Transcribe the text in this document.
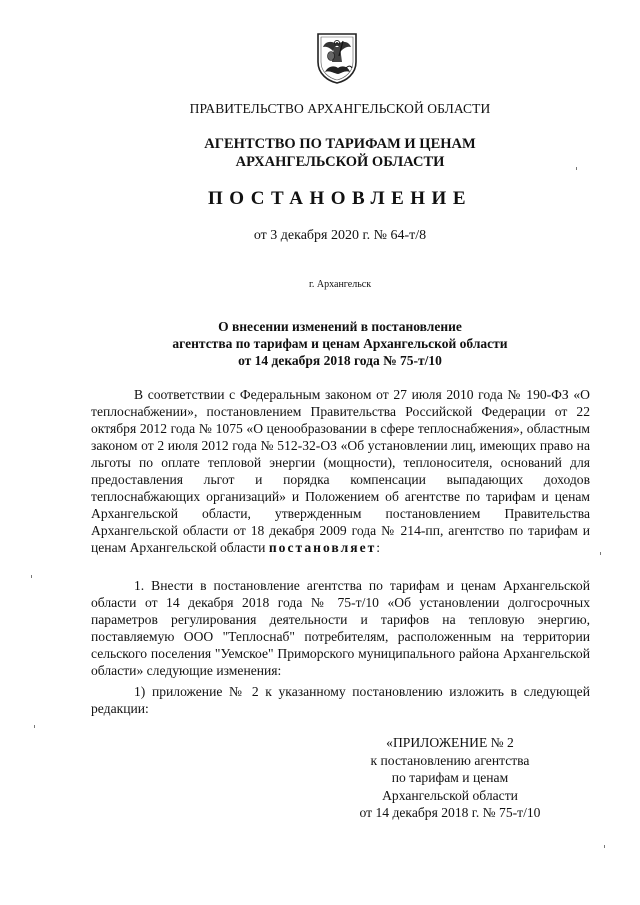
ПРАВИТЕЛЬСТВО АРХАНГЕЛЬСКОЙ ОБЛАСТИ
АГЕНТСТВО ПО ТАРИФАМ И ЦЕНАМ
АРХАНГЕЛЬСКОЙ ОБЛАСТИ
ПОСТАНОВЛЕНИЕ
от 3 декабря 2020 г. № 64-т/8
г. Архангельск
О внесении изменений в постановление
агентства по тарифам и ценам Архангельской области
от 14 декабря 2018 года № 75-т/10
В соответствии с Федеральным законом от 27 июля 2010 года № 190-ФЗ «О теплоснабжении», постановлением Правительства Российской Федерации от 22 октября 2012 года № 1075 «О ценообразовании в сфере теплоснабжения», областным законом от 2 июля 2012 года № 512-32-ОЗ «Об установлении лиц, имеющих право на льготы по оплате тепловой энергии (мощности), теплоносителя, оснований для предоставления льгот и порядка компенсации выпадающих доходов теплоснабжающих организаций» и Положением об агентстве по тарифам и ценам Архангельской области, утвержденным постановлением Правительства Архангельской области от 18 декабря 2009 года № 214-пп, агентство по тарифам и ценам Архангельской области постановляет:
1. Внести в постановление агентства по тарифам и ценам Архангельской области от 14 декабря 2018 года № 75-т/10 «Об установлении долгосрочных параметров регулирования деятельности и тарифов на тепловую энергию, поставляемую ООО "Теплоснаб" потребителям, расположенным на территории сельского поселения "Уемское" Приморского муниципального района Архангельской области» следующие изменения:
1) приложение № 2 к указанному постановлению изложить в следующей редакции:
«ПРИЛОЖЕНИЕ № 2
к постановлению агентства
по тарифам и ценам
Архангельской области
от 14 декабря 2018 г. № 75-т/10
